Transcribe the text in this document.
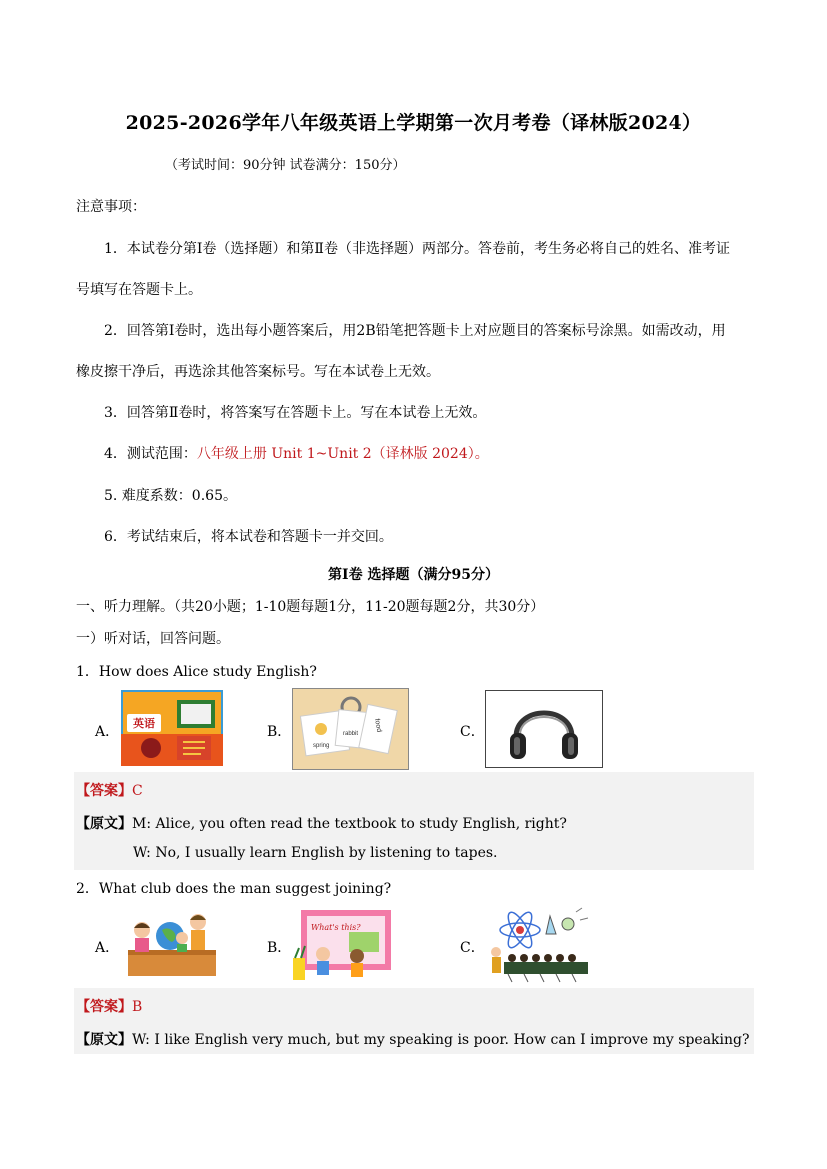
2025-2026学年八年级英语上学期第一次月考卷（译林版2024）
（考试时间：90分钟 试卷满分：150分）
注意事项：
1．本试卷分第Ⅰ卷（选择题）和第Ⅱ卷（非选择题）两部分。答卷前，考生务必将自己的姓名、准考证
号填写在答题卡上。
2．回答第Ⅰ卷时，选出每小题答案后，用2B铅笔把答题卡上对应题目的答案标号涂黑。如需改动，用
橡皮擦干净后，再选涂其他答案标号。写在本试卷上无效。
3．回答第Ⅱ卷时，将答案写在答题卡上。写在本试卷上无效。
4．测试范围：八年级上册 Unit 1~Unit 2（译林版 2024）。
5. 难度系数：0.65。
6．考试结束后，将本试卷和答题卡一并交回。
第Ⅰ卷 选择题（满分95分）
一、听力理解。（共20小题；1-10题每题1分，11-20题每题2分，共30分）
一）听对话，回答问题。
1．How does Alice study English?
A．
英语
B．
spring
rabbit
food	C．
【答案】C
【原文】M: Alice, you often read the textbook to study English, right?
W: No, I usually learn English by listening to tapes.
2．What club does the man suggest joining?
A．	B．
What's this?
C．
【答案】B
【原文】W: I like English very much, but my speaking is poor. How can I improve my speaking?
